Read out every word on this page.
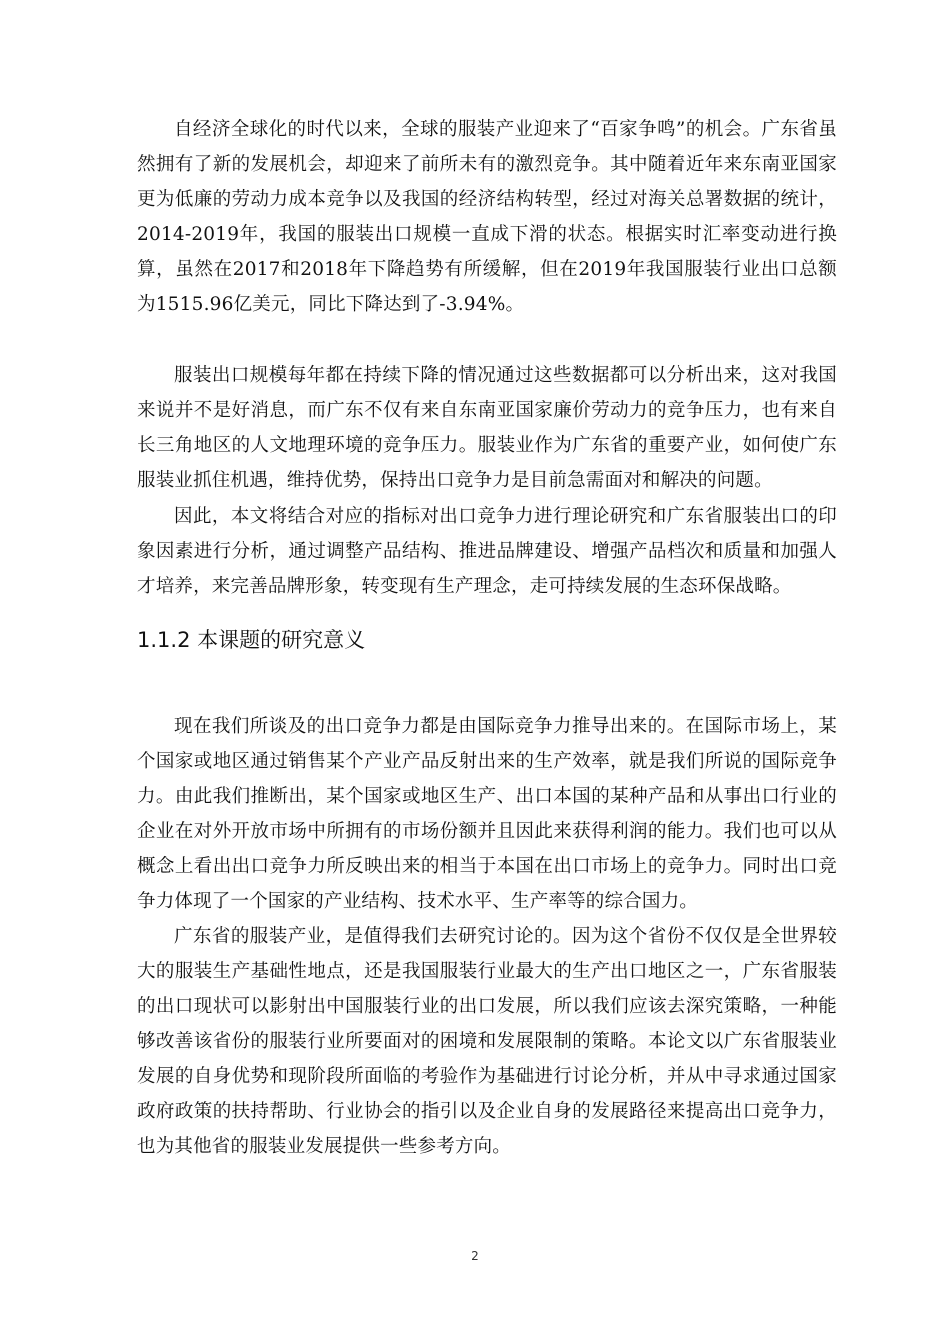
自经济全球化的时代以来，全球的服装产业迎来了“百家争鸣”的机会。广东省虽然拥有了新的发展机会，却迎来了前所未有的激烈竞争。其中随着近年来东南亚国家更为低廉的劳动力成本竞争以及我国的经济结构转型，经过对海关总署数据的统计，2014-2019年，我国的服装出口规模一直成下滑的状态。根据实时汇率变动进行换算，虽然在2017和2018年下降趋势有所缓解，但在2019年我国服装行业出口总额为1515.96亿美元，同比下降达到了-3.94%。

服装出口规模每年都在持续下降的情况通过这些数据都可以分析出来，这对我国来说并不是好消息，而广东不仅有来自东南亚国家廉价劳动力的竞争压力，也有来自长三角地区的人文地理环境的竞争压力。服装业作为广东省的重要产业，如何使广东服装业抓住机遇，维持优势，保持出口竞争力是目前急需面对和解决的问题。

因此，本文将结合对应的指标对出口竞争力进行理论研究和广东省服装出口的印象因素进行分析，通过调整产品结构、推进品牌建设、增强产品档次和质量和加强人才培养，来完善品牌形象，转变现有生产理念，走可持续发展的生态环保战略。

1.1.2 本课题的研究意义

现在我们所谈及的出口竞争力都是由国际竞争力推导出来的。在国际市场上，某个国家或地区通过销售某个产业产品反射出来的生产效率，就是我们所说的国际竞争力。由此我们推断出，某个国家或地区生产、出口本国的某种产品和从事出口行业的企业在对外开放市场中所拥有的市场份额并且因此来获得利润的能力。我们也可以从概念上看出出口竞争力所反映出来的相当于本国在出口市场上的竞争力。同时出口竞争力体现了一个国家的产业结构、技术水平、生产率等的综合国力。

广东省的服装产业，是值得我们去研究讨论的。因为这个省份不仅仅是全世界较大的服装生产基础性地点，还是我国服装行业最大的生产出口地区之一，广东省服装的出口现状可以影射出中国服装行业的出口发展，所以我们应该去深究策略，一种能够改善该省份的服装行业所要面对的困境和发展限制的策略。本论文以广东省服装业发展的自身优势和现阶段所面临的考验作为基础进行讨论分析，并从中寻求通过国家政府政策的扶持帮助、行业协会的指引以及企业自身的发展路径来提高出口竞争力，也为其他省的服装业发展提供一些参考方向。

2
